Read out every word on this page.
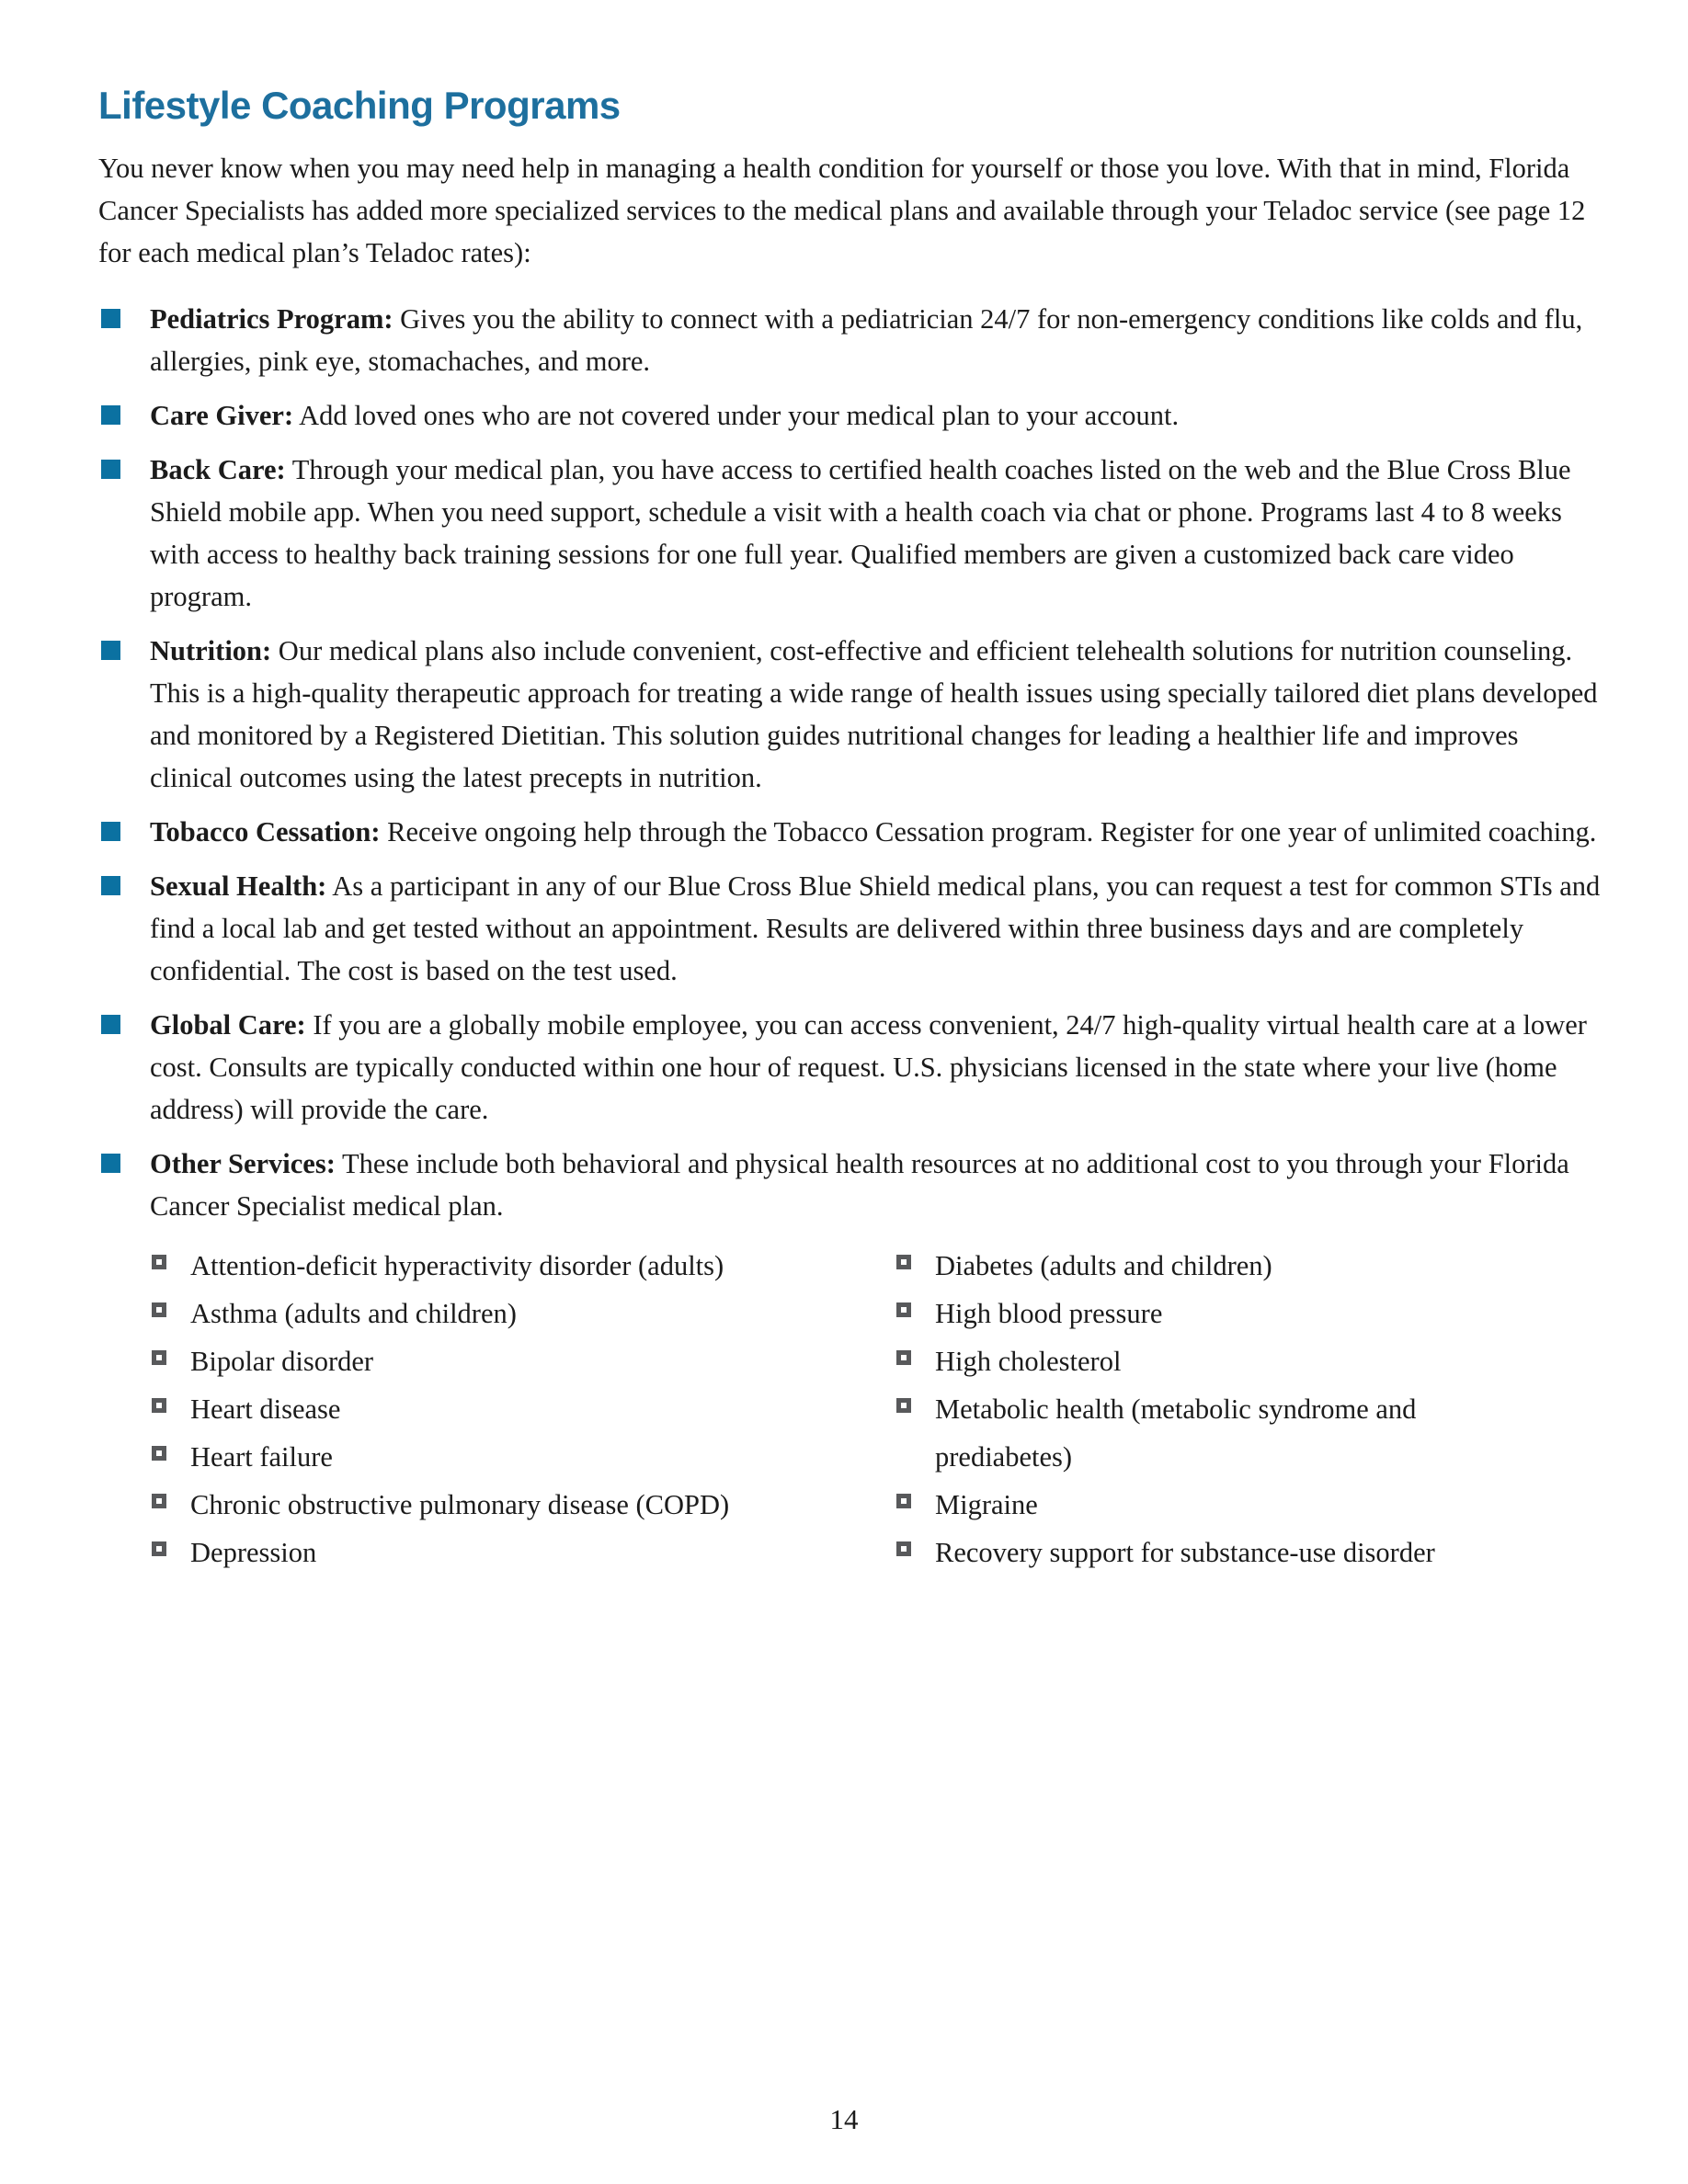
Lifestyle Coaching Programs

You never know when you may need help in managing a health condition for yourself or those you love. With that in mind, Florida Cancer Specialists has added more specialized services to the medical plans and available through your Teladoc service (see page 12 for each medical plan’s Teladoc rates):

Pediatrics Program: Gives you the ability to connect with a pediatrician 24/7 for non-emergency conditions like colds and flu, allergies, pink eye, stomachaches, and more.

Care Giver: Add loved ones who are not covered under your medical plan to your account.

Back Care: Through your medical plan, you have access to certified health coaches listed on the web and the Blue Cross Blue Shield mobile app. When you need support, schedule a visit with a health coach via chat or phone. Programs last 4 to 8 weeks with access to healthy back training sessions for one full year. Qualified members are given a customized back care video program.

Nutrition: Our medical plans also include convenient, cost-effective and efficient telehealth solutions for nutrition counseling. This is a high-quality therapeutic approach for treating a wide range of health issues using specially tailored diet plans developed and monitored by a Registered Dietitian. This solution guides nutritional changes for leading a healthier life and improves clinical outcomes using the latest precepts in nutrition.

Tobacco Cessation: Receive ongoing help through the Tobacco Cessation program. Register for one year of unlimited coaching.

Sexual Health: As a participant in any of our Blue Cross Blue Shield medical plans, you can request a test for common STIs and find a local lab and get tested without an appointment. Results are delivered within three business days and are completely confidential. The cost is based on the test used.

Global Care: If you are a globally mobile employee, you can access convenient, 24/7 high-quality virtual health care at a lower cost. Consults are typically conducted within one hour of request. U.S. physicians licensed in the state where your live (home address) will provide the care.

Other Services: These include both behavioral and physical health resources at no additional cost to you through your Florida Cancer Specialist medical plan.

Attention-deficit hyperactivity disorder (adults)
Asthma (adults and children)
Bipolar disorder
Heart disease
Heart failure
Chronic obstructive pulmonary disease (COPD)
Depression
Diabetes (adults and children)
High blood pressure
High cholesterol
Metabolic health (metabolic syndrome and prediabetes)
Migraine
Recovery support for substance-use disorder
14
